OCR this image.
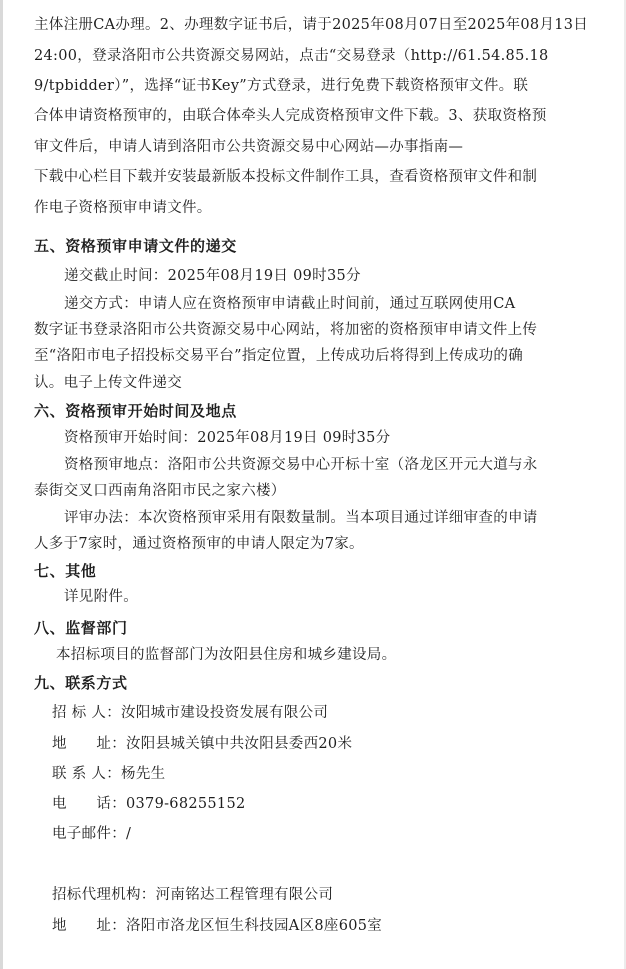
主体注册CA办理。2、办理数字证书后，请于2025年08月07日至2025年08月13日
24:00，登录洛阳市公共资源交易网站，点击“交易登录（http://61.54.85.18
9/tpbidder）”，选择“证书Key”方式登录，进行免费下载资格预审文件。联
合体申请资格预审的，由联合体牵头人完成资格预审文件下载。3、获取资格预
审文件后，申请人请到洛阳市公共资源交易中心网站—办事指南—
下载中心栏目下载并安装最新版本投标文件制作工具，查看资格预审文件和制
作电子资格预审申请文件。
五、资格预审申请文件的递交
递交截止时间：2025年08月19日 09时35分
递交方式：申请人应在资格预审申请截止时间前，通过互联网使用CA
数字证书登录洛阳市公共资源交易中心网站，将加密的资格预审申请文件上传
至“洛阳市电子招投标交易平台”指定位置，上传成功后将得到上传成功的确
认。电子上传文件递交
六、资格预审开始时间及地点
资格预审开始时间：2025年08月19日 09时35分
资格预审地点：洛阳市公共资源交易中心开标十室（洛龙区开元大道与永
泰街交叉口西南角洛阳市民之家六楼）
评审办法：本次资格预审采用有限数量制。当本项目通过详细审查的申请
人多于7家时，通过资格预审的申请人限定为7家。
七、其他
详见附件。
八、监督部门
本招标项目的监督部门为汝阳县住房和城乡建设局。
九、联系方式
招 标 人：汝阳城市建设投资发展有限公司
地　　址：汝阳县城关镇中共汝阳县委西20米
联 系 人：杨先生
电　　话：0379-68255152
电子邮件：/
招标代理机构：河南铭达工程管理有限公司
地　　址：洛阳市洛龙区恒生科技园A区8座605室
